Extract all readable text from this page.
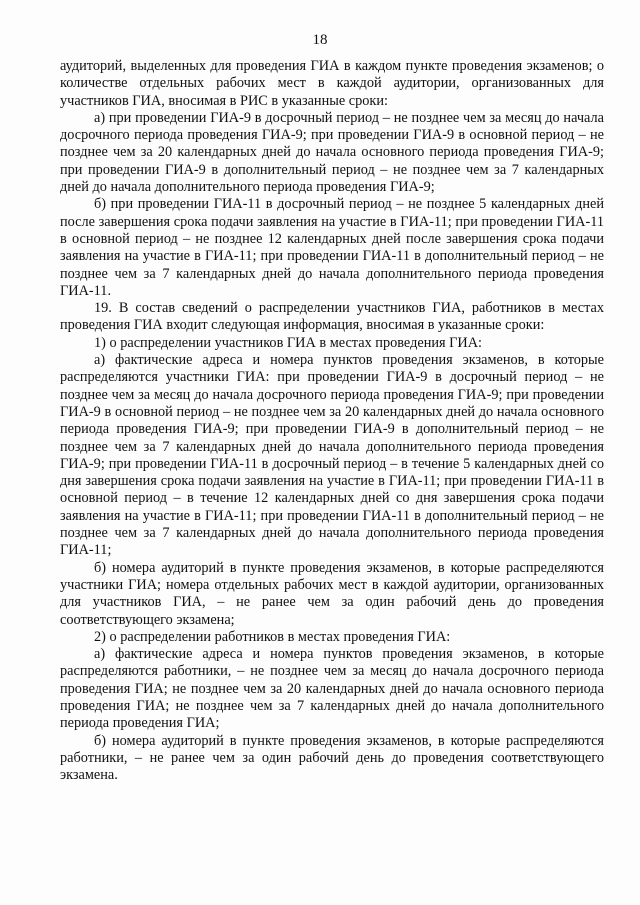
18

аудиторий, выделенных для проведения ГИА в каждом пункте проведения экзаменов; о количестве отдельных рабочих мест в каждой аудитории, организованных для участников ГИА, вносимая в РИС в указанные сроки:

а) при проведении ГИА-9 в досрочный период – не позднее чем за месяц до начала досрочного периода проведения ГИА-9; при проведении ГИА-9 в основной период – не позднее чем за 20 календарных дней до начала основного периода проведения ГИА-9; при проведении ГИА-9 в дополнительный период – не позднее чем за 7 календарных дней до начала дополнительного периода проведения ГИА-9;

б) при проведении ГИА-11 в досрочный период – не позднее 5 календарных дней после завершения срока подачи заявления на участие в ГИА-11; при проведении ГИА-11 в основной период – не позднее 12 календарных дней после завершения срока подачи заявления на участие в ГИА-11; при проведении ГИА-11 в дополнительный период – не позднее чем за 7 календарных дней до начала дополнительного периода проведения ГИА-11.

19. В состав сведений о распределении участников ГИА, работников в местах проведения ГИА входит следующая информация, вносимая в указанные сроки:

1) о распределении участников ГИА в местах проведения ГИА:

а) фактические адреса и номера пунктов проведения экзаменов, в которые распределяются участники ГИА: при проведении ГИА-9 в досрочный период – не позднее чем за месяц до начала досрочного периода проведения ГИА-9; при проведении ГИА-9 в основной период – не позднее чем за 20 календарных дней до начала основного периода проведения ГИА-9; при проведении ГИА-9 в дополнительный период – не позднее чем за 7 календарных дней до начала дополнительного периода проведения ГИА-9; при проведении ГИА-11 в досрочный период – в течение 5 календарных дней со дня завершения срока подачи заявления на участие в ГИА-11; при проведении ГИА-11 в основной период – в течение 12 календарных дней со дня завершения срока подачи заявления на участие в ГИА-11; при проведении ГИА-11 в дополнительный период – не позднее чем за 7 календарных дней до начала дополнительного периода проведения ГИА-11;

б) номера аудиторий в пункте проведения экзаменов, в которые распределяются участники ГИА; номера отдельных рабочих мест в каждой аудитории, организованных для участников ГИА, – не ранее чем за один рабочий день до проведения соответствующего экзамена;

2) о распределении работников в местах проведения ГИА:

а) фактические адреса и номера пунктов проведения экзаменов, в которые распределяются работники, – не позднее чем за месяц до начала досрочного периода проведения ГИА; не позднее чем за 20 календарных дней до начала основного периода проведения ГИА; не позднее чем за 7 календарных дней до начала дополнительного периода проведения ГИА;

б) номера аудиторий в пункте проведения экзаменов, в которые распределяются работники, – не ранее чем за один рабочий день до проведения соответствующего экзамена.
